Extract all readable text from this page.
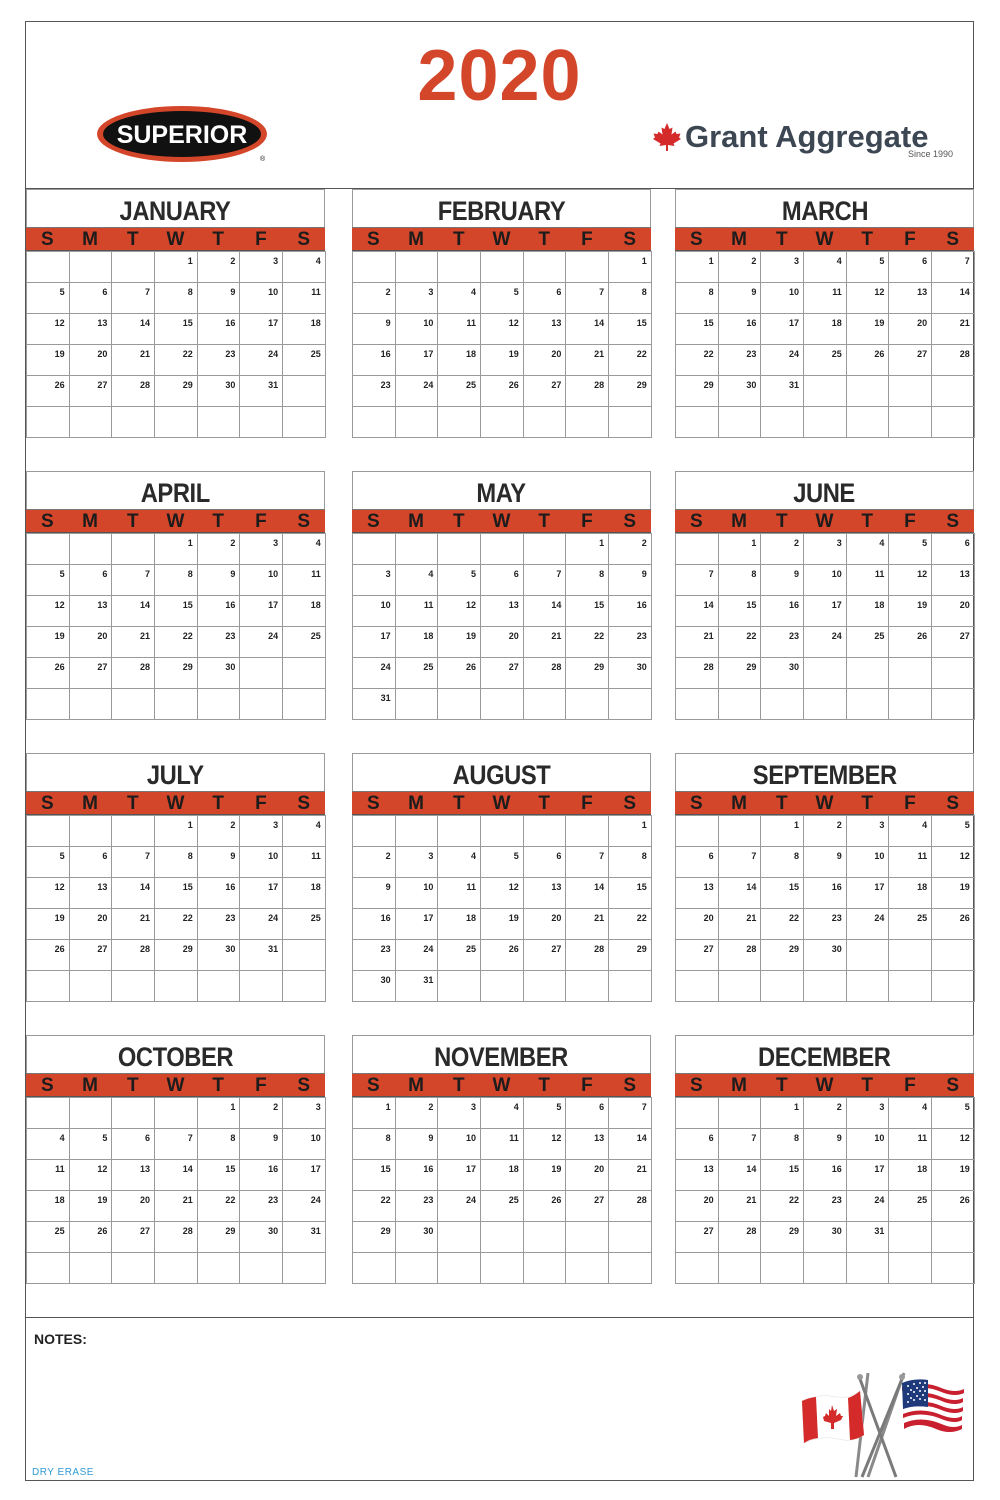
2020
SUPERIOR
®
Grant Aggregate
Since 1990
JANUARY
S	M	T	W	T	F	S
			1	2	3	4
5	6	7	8	9	10	11
12	13	14	15	16	17	18
19	20	21	22	23	24	25
26	27	28	29	30	31	

FEBRUARY
S	M	T	W	T	F	S
						1
2	3	4	5	6	7	8
9	10	11	12	13	14	15
16	17	18	19	20	21	22
23	24	25	26	27	28	29

MARCH
S	M	T	W	T	F	S
1	2	3	4	5	6	7
8	9	10	11	12	13	14
15	16	17	18	19	20	21
22	23	24	25	26	27	28
29	30	31				

APRIL
S	M	T	W	T	F	S
			1	2	3	4
5	6	7	8	9	10	11
12	13	14	15	16	17	18
19	20	21	22	23	24	25
26	27	28	29	30		

MAY
S	M	T	W	T	F	S
					1	2
3	4	5	6	7	8	9
10	11	12	13	14	15	16
17	18	19	20	21	22	23
24	25	26	27	28	29	30
31						
JUNE
S	M	T	W	T	F	S
	1	2	3	4	5	6
7	8	9	10	11	12	13
14	15	16	17	18	19	20
21	22	23	24	25	26	27
28	29	30				

JULY
S	M	T	W	T	F	S
			1	2	3	4
5	6	7	8	9	10	11
12	13	14	15	16	17	18
19	20	21	22	23	24	25
26	27	28	29	30	31	

AUGUST
S	M	T	W	T	F	S
						1
2	3	4	5	6	7	8
9	10	11	12	13	14	15
16	17	18	19	20	21	22
23	24	25	26	27	28	29
30	31					
SEPTEMBER
S	M	T	W	T	F	S
		1	2	3	4	5
6	7	8	9	10	11	12
13	14	15	16	17	18	19
20	21	22	23	24	25	26
27	28	29	30			

OCTOBER
S	M	T	W	T	F	S
				1	2	3
4	5	6	7	8	9	10
11	12	13	14	15	16	17
18	19	20	21	22	23	24
25	26	27	28	29	30	31

NOVEMBER
S	M	T	W	T	F	S
1	2	3	4	5	6	7
8	9	10	11	12	13	14
15	16	17	18	19	20	21
22	23	24	25	26	27	28
29	30					

DECEMBER
S	M	T	W	T	F	S
		1	2	3	4	5
6	7	8	9	10	11	12
13	14	15	16	17	18	19
20	21	22	23	24	25	26
27	28	29	30	31		

NOTES:
DRY ERASE
